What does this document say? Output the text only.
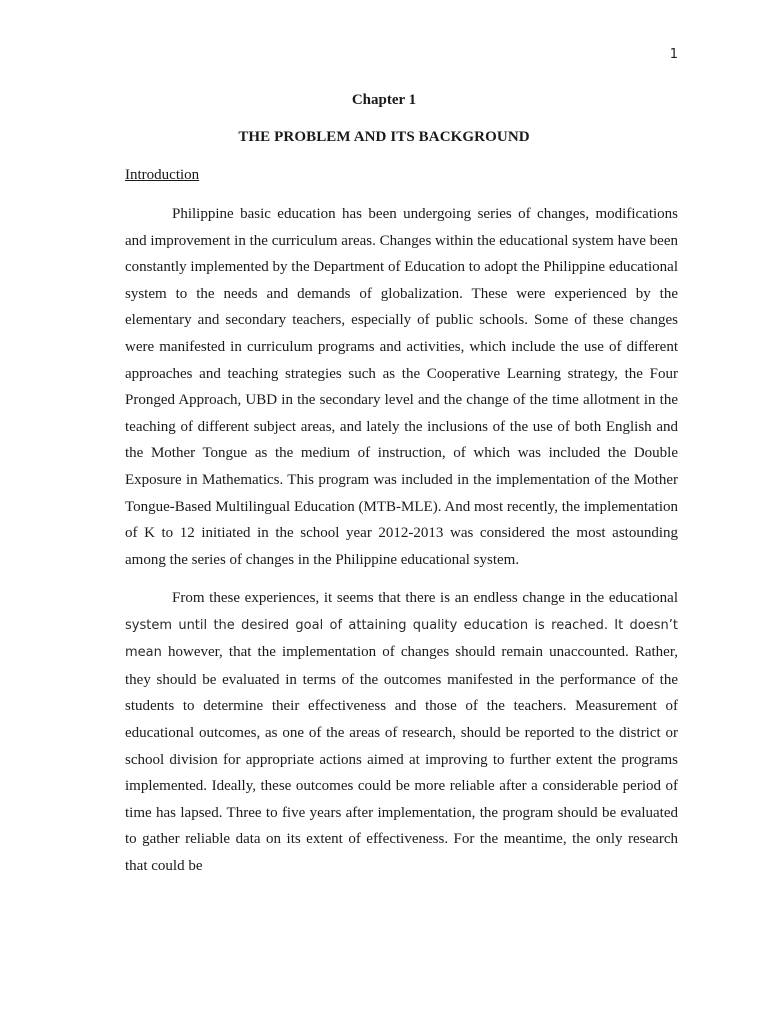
1
Chapter 1
THE PROBLEM AND ITS BACKGROUND
Introduction

Philippine basic education has been undergoing series of changes, modifications and improvement in the curriculum areas. Changes within the educational system have been constantly implemented by the Department of Education to adopt the Philippine educational system to the needs and demands of globalization. These were experienced by the elementary and secondary teachers, especially of public schools. Some of these changes were manifested in curriculum programs and activities, which include the use of different approaches and teaching strategies such as the Cooperative Learning strategy, the Four Pronged Approach, UBD in the secondary level and the change of the time allotment in the teaching of different subject areas, and lately the inclusions of the use of both English and the Mother Tongue as the medium of instruction, of which was included the Double Exposure in Mathematics. This program was included in the implementation of the Mother Tongue-Based Multilingual Education (MTB-MLE). And most recently, the implementation of K to 12 initiated in the school year 2012-2013 was considered the most astounding among the series of changes in the Philippine educational system.

From these experiences, it seems that there is an endless change in the educational system until the desired goal of attaining quality education is reached. It doesn’t mean however, that the implementation of changes should remain unaccounted. Rather, they should be evaluated in terms of the outcomes manifested in the performance of the students to determine their effectiveness and those of the teachers. Measurement of educational outcomes, as one of the areas of research, should be reported to the district or school division for appropriate actions aimed at improving to further extent the programs implemented. Ideally, these outcomes could be more reliable after a considerable period of time has lapsed. Three to five years after implementation, the program should be evaluated to gather reliable data on its extent of effectiveness. For the meantime, the only research that could be
